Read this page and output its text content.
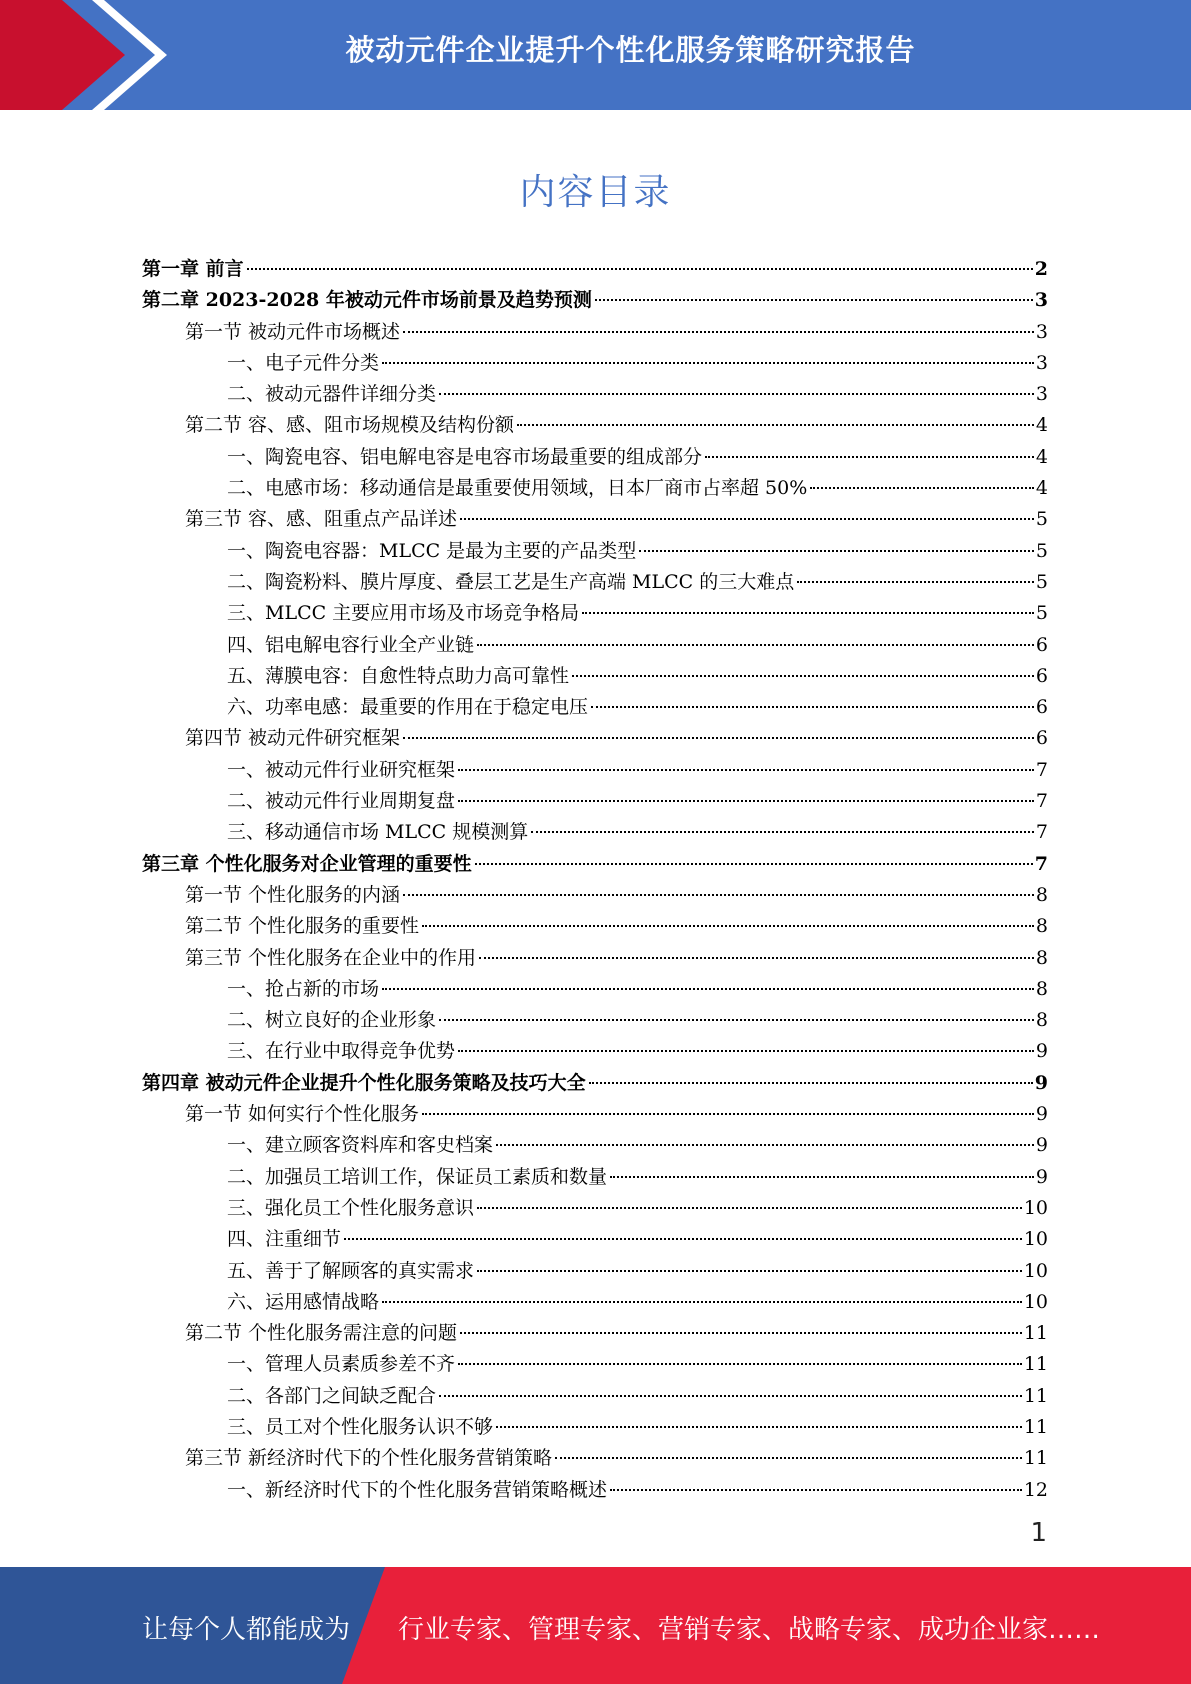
被动元件企业提升个性化服务策略研究报告
内容目录
第一章 前言	2
第二章 2023-2028 年被动元件市场前景及趋势预测	3
第一节 被动元件市场概述	3
一、电子元件分类	3
二、被动元器件详细分类	3
第二节 容、感、阻市场规模及结构份额	4
一、陶瓷电容、铝电解电容是电容市场最重要的组成部分	4
二、电感市场：移动通信是最重要使用领域，日本厂商市占率超 50%	4
第三节 容、感、阻重点产品详述	5
一、陶瓷电容器：MLCC 是最为主要的产品类型	5
二、陶瓷粉料、膜片厚度、叠层工艺是生产高端 MLCC 的三大难点	5
三、MLCC 主要应用市场及市场竞争格局	5
四、铝电解电容行业全产业链	6
五、薄膜电容：自愈性特点助力高可靠性	6
六、功率电感：最重要的作用在于稳定电压	6
第四节 被动元件研究框架	6
一、被动元件行业研究框架	7
二、被动元件行业周期复盘	7
三、移动通信市场 MLCC 规模测算	7
第三章 个性化服务对企业管理的重要性	7
第一节 个性化服务的内涵	8
第二节 个性化服务的重要性	8
第三节 个性化服务在企业中的作用	8
一、抢占新的市场	8
二、树立良好的企业形象	8
三、在行业中取得竞争优势	9
第四章 被动元件企业提升个性化服务策略及技巧大全	9
第一节 如何实行个性化服务	9
一、建立顾客资料库和客史档案	9
二、加强员工培训工作，保证员工素质和数量	9
三、强化员工个性化服务意识	10
四、注重细节	10
五、善于了解顾客的真实需求	10
六、运用感情战略	10
第二节 个性化服务需注意的问题	11
一、管理人员素质参差不齐	11
二、各部门之间缺乏配合	11
三、员工对个性化服务认识不够	11
第三节 新经济时代下的个性化服务营销策略	11
一、新经济时代下的个性化服务营销策略概述	12
1
让每个人都能成为 行业专家、管理专家、营销专家、战略专家、成功企业家……
